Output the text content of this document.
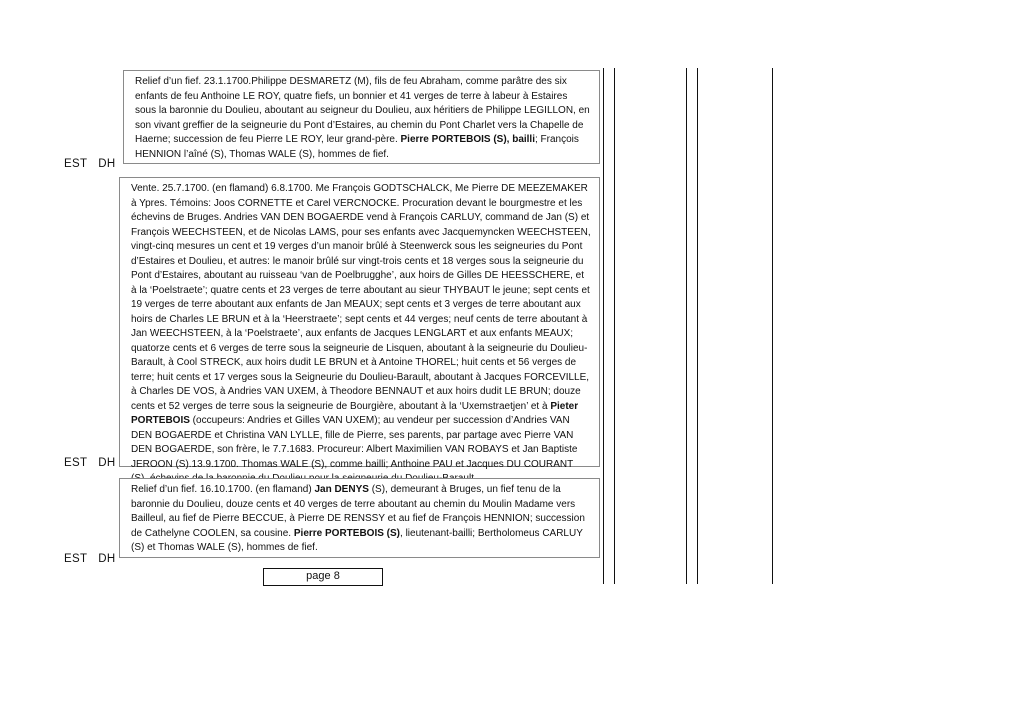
Relief d’un fief. 23.1.1700.Philippe DESMARETZ (M), fils de feu Abraham, comme parâtre des six enfants de feu Anthoine LE ROY, quatre fiefs, un bonnier et 41 verges de terre à labeur à Estaires sous la baronnie du Doulieu, aboutant au seigneur du Doulieu, aux héritiers de Philippe LEGILLON, en son vivant greffier de la seigneurie du Pont d’Estaires, au chemin du Pont Charlet vers la Chapelle de Haerne; succession de feu Pierre LE ROY, leur grand-père. Pierre PORTEBOIS (S), bailli; François HENNION l’aîné (S), Thomas WALE (S), hommes de fief.

EST DH

Vente. 25.7.1700. (en flamand) 6.8.1700. Me François GODTSCHALCK, Me Pierre DE MEEZEMAKER à Ypres. Témoins: Joos CORNETTE et Carel VERCNOCKE. Procuration devant le bourgmestre et les échevins de Bruges. Andries VAN DEN BOGAERDE vend à François CARLUY, command de Jan (S) et François WEECHSTEEN, et de Nicolas LAMS, pour ses enfants avec Jacquemyncken WEECHSTEEN, vingt-cinq mesures un cent et 19 verges d’un manoir brûlé à Steenwerck sous les seigneuries du Pont d’Estaires et Doulieu, et autres: le manoir brûlé sur vingt-trois cents et 18 verges sous la seigneurie du Pont d’Estaires, aboutant au ruisseau ‘van de Poelbrugghe’, aux hoirs de Gilles DE HEESSCHERE, et à la ‘Poelstraete’; quatre cents et 23 verges de terre aboutant au sieur THYBAUT le jeune; sept cents et 19 verges de terre aboutant aux enfants de Jan MEAUX; sept cents et 3 verges de terre aboutant aux hoirs de Charles LE BRUN et à la ‘Heerstraete’; sept cents et 44 verges; neuf cents de terre aboutant à Jan WEECHSTEEN, à la ‘Poelstraete’, aux enfants de Jacques LENGLART et aux enfants MEAUX; quatorze cents et 6 verges de terre sous la seigneurie de Lisquen, aboutant à la seigneurie du Doulieu-Barault, à Cool STRECK, aux hoirs dudit LE BRUN et à Antoine THOREL; huit cents et 56 verges de terre; huit cents et 17 verges sous la Seigneurie du Doulieu-Barault, aboutant à Jacques FORCEVILLE, à Charles DE VOS, à Andries VAN UXEM, à Theodore BENNAUT et aux hoirs dudit LE BRUN; douze cents et 52 verges de terre sous la seigneurie de Bourgière, aboutant à la ‘Uxemstraetjen’ et à Pieter PORTEBOIS (occupeurs: Andries et Gilles VAN UXEM); au vendeur per succession d’Andries VAN DEN BOGAERDE et Christina VAN LYLLE, fille de Pierre, ses parents, par partage avec Pierre VAN DEN BOGAERDE, son frère, le 7.7.1683. Procureur: Albert Maximilien VAN ROBAYS et Jan Baptiste JEROON (S).13.9.1700. Thomas WALE (S), comme bailli; Anthoine PAU et Jacques DU COURANT

EST DH

Relief d’un fief. 16.10.1700. (en flamand) Jan DENYS (S), demeurant à Bruges, un fief tenu de la baronnie du Doulieu, douze cents et 40 verges de terre aboutant au chemin du Moulin Madame vers Bailleul, au fief de Pierre BECCUE, à Pierre DE RENSSY et au fief de François HENNION; succession de Cathelyne COOLEN, sa cousine. Pierre PORTEBOIS (S), lieutenant-bailli; Bertholomeus CARLUY (S) et Thomas WALE (S), hommes de fief.

EST DH
page 8
